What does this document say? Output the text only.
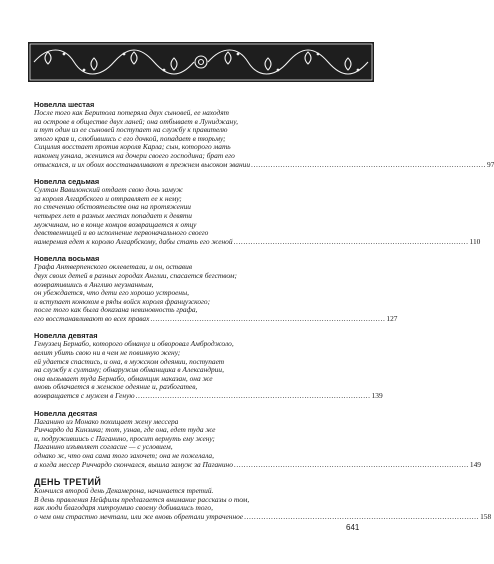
Новелла шестая
После того как Беритола потеряла двух сыновей, ее находят
на острове в обществе двух ланей; она отбывает в Луниджану,
и тут один из ее сыновей поступает на службу к правителю
этого края и, слюбившись с его дочкой, попадает в тюрьму;
Сицилия восстает против короля Карла; сын, которого мать
наконец узнала, женится на дочери своего господина; брат его
отыскался, и их обоих восстанавливают в прежнем высоком звании ................................................................................................ 97
Новелла седьмая
Султан Вавилонский отдает свою дочь замуж
за короля Алгарбского и отправляет ее к нему;
по стечению обстоятельств она на протяжении
четырех лет в разных местах попадает к девяти
мужчинам, но в конце концов возвращается к отцу
девственницей и во исполнение первоначального своего
намерения едет к королю Алгарбскому, дабы стать его женой ................................................................................................ 110
Новелла восьмая
Графа Антверпенского оклеветали, и он, оставив
двух своих детей в разных городах Англии, спасается бегством;
возвратившись в Англию неузнанным,
он убеждается, что дети его хорошо устроены,
и вступает конюхом в ряды войск короля французского;
после того как была доказана невиновность графа,
его восстанавливают во всех правах ................................................................................................ 127
Новелла девятая
Генуэзец Бернабо, которого обманул и обворовал Амброджоло,
велит убить свою ни в чем не повинную жену;
ей удается спастись, и она, в мужском одеянии, поступает
на службу к султану; обнаружив обманщика в Александрии,
она вызывает туда Бернабо, обманщик наказан, она же
вновь облачается в женское одеяние и, разбогатев,
возвращается с мужем в Геную ................................................................................................ 139
Новелла десятая
Паганино из Монако похищает жену мессера
Риччардо да Кинзика; тот, узнав, где она, едет туда же
и, подружившись с Паганино, просит вернуть ему жену;
Паганино изъявляет согласие — с условием,
однако ж, что она сама того захочет; она не пожелала,
а когда мессер Риччардо скончался, вышла замуж за Паганино ................................................................................................ 149
ДЕНЬ ТРЕТИЙ
Кончился второй день Декамерона, начинается третий.
В день правления Нейфилы предлагается внимание рассказы о том,
как люди благодаря хитроумию своему добивались того,
о чем они страстно мечтали, или же вновь обретали утраченное ................................................................................................ 158
641
